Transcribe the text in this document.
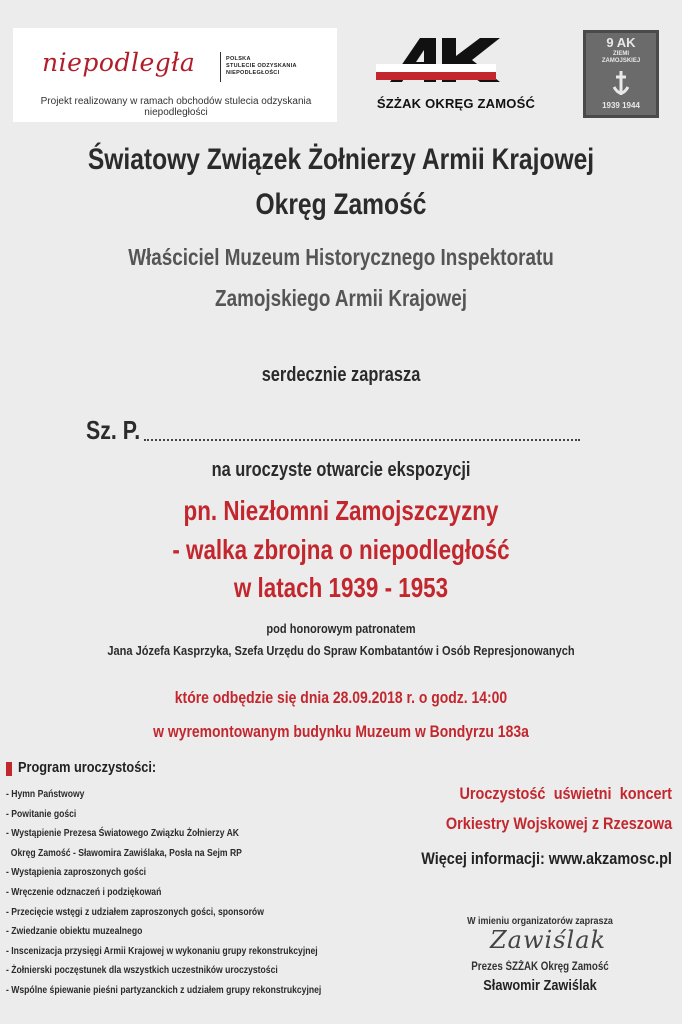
niepodległa	POLSKA
STULECIE ODZYSKANIA
NIEPODLEGŁOŚCI
Projekt realizowany w ramach obchodów stulecia odzyskania niepodległości
ŚZŻAK OKRĘG ZAMOŚĆ
9 AK
ZIEMI
ZAMOJSKIEJ
1939 1944
Światowy Związek Żołnierzy Armii Krajowej
Okręg Zamość
Właściciel Muzeum Historycznego Inspektoratu
Zamojskiego Armii Krajowej
serdecznie zaprasza
Sz. P.
na uroczyste otwarcie ekspozycji
pn. Niezłomni Zamojszczyzny
- walka zbrojna o niepodległość
w latach 1939 - 1953
pod honorowym patronatem
Jana Józefa Kasprzyka, Szefa Urzędu do Spraw Kombatantów i Osób Represjonowanych
które odbędzie się dnia 28.09.2018 r. o godz. 14:00
w wyremontowanym budynku Muzeum w Bondyrzu 183a
Program uroczystości:
- Hymn Państwowy
- Powitanie gości
- Wystąpienie Prezesa Światowego Związku Żołnierzy AK
Okręg Zamość - Sławomira Zawiślaka, Posła na Sejm RP
- Wystąpienia zaproszonych gości
- Wręczenie odznaczeń i podziękowań
- Przecięcie wstęgi z udziałem zaproszonych gości, sponsorów
- Zwiedzanie obiektu muzealnego
- Inscenizacja przysięgi Armii Krajowej w wykonaniu grupy rekonstrukcyjnej
- Żołnierski poczęstunek dla wszystkich uczestników uroczystości
- Wspólne śpiewanie pieśni partyzanckich z udziałem grupy rekonstrukcyjnej
Uroczystość uświetni koncert
Orkiestry Wojskowej z Rzeszowa
Więcej informacji: www.akzamosc.pl
W imieniu organizatorów zaprasza
Zawiślak
Prezes ŚZŻAK Okręg Zamość
Sławomir Zawiślak
